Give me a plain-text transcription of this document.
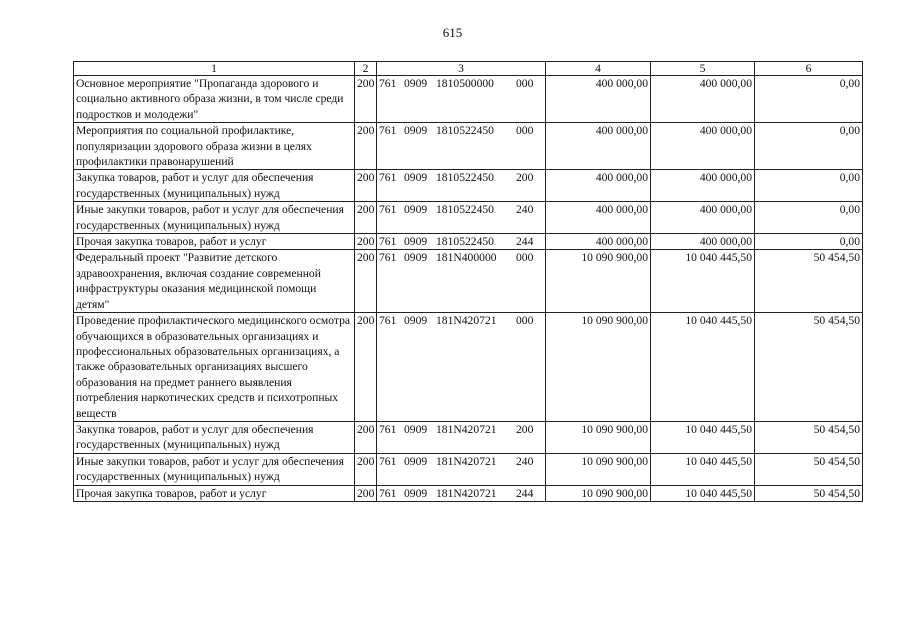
615
1	2	3	4	5	6
Основное мероприятие "Пропаганда здорового и социально активного образа жизни, в том числе среди подростков и молодежи"	200	761 0909 1810500000 000	400 000,00	400 000,00	0,00
Мероприятия по социальной профилактике, популяризации здорового образа жизни в целях профилактики правонарушений	200	761 0909 1810522450 000	400 000,00	400 000,00	0,00
Закупка товаров, работ и услуг для обеспечения государственных (муниципальных) нужд	200	761 0909 1810522450 200	400 000,00	400 000,00	0,00
Иные закупки товаров, работ и услуг для обеспечения государственных (муниципальных) нужд	200	761 0909 1810522450 240	400 000,00	400 000,00	0,00
Прочая закупка товаров, работ и услуг	200	761 0909 1810522450 244	400 000,00	400 000,00	0,00
Федеральный проект "Развитие детского здравоохранения, включая создание современной инфраструктуры оказания медицинской помощи детям"	200	761 0909 181N400000 000	10 090 900,00	10 040 445,50	50 454,50
Проведение профилактического медицинского осмотра обучающихся в образовательных организациях и профессиональных образовательных организациях, а также образовательных организациях высшего образования на предмет раннего выявления потребления наркотических средств и психотропных веществ	200	761 0909 181N420721 000	10 090 900,00	10 040 445,50	50 454,50
Закупка товаров, работ и услуг для обеспечения государственных (муниципальных) нужд	200	761 0909 181N420721 200	10 090 900,00	10 040 445,50	50 454,50
Иные закупки товаров, работ и услуг для обеспечения государственных (муниципальных) нужд	200	761 0909 181N420721 240	10 090 900,00	10 040 445,50	50 454,50
Прочая закупка товаров, работ и услуг	200	761 0909 181N420721 244	10 090 900,00	10 040 445,50	50 454,50
